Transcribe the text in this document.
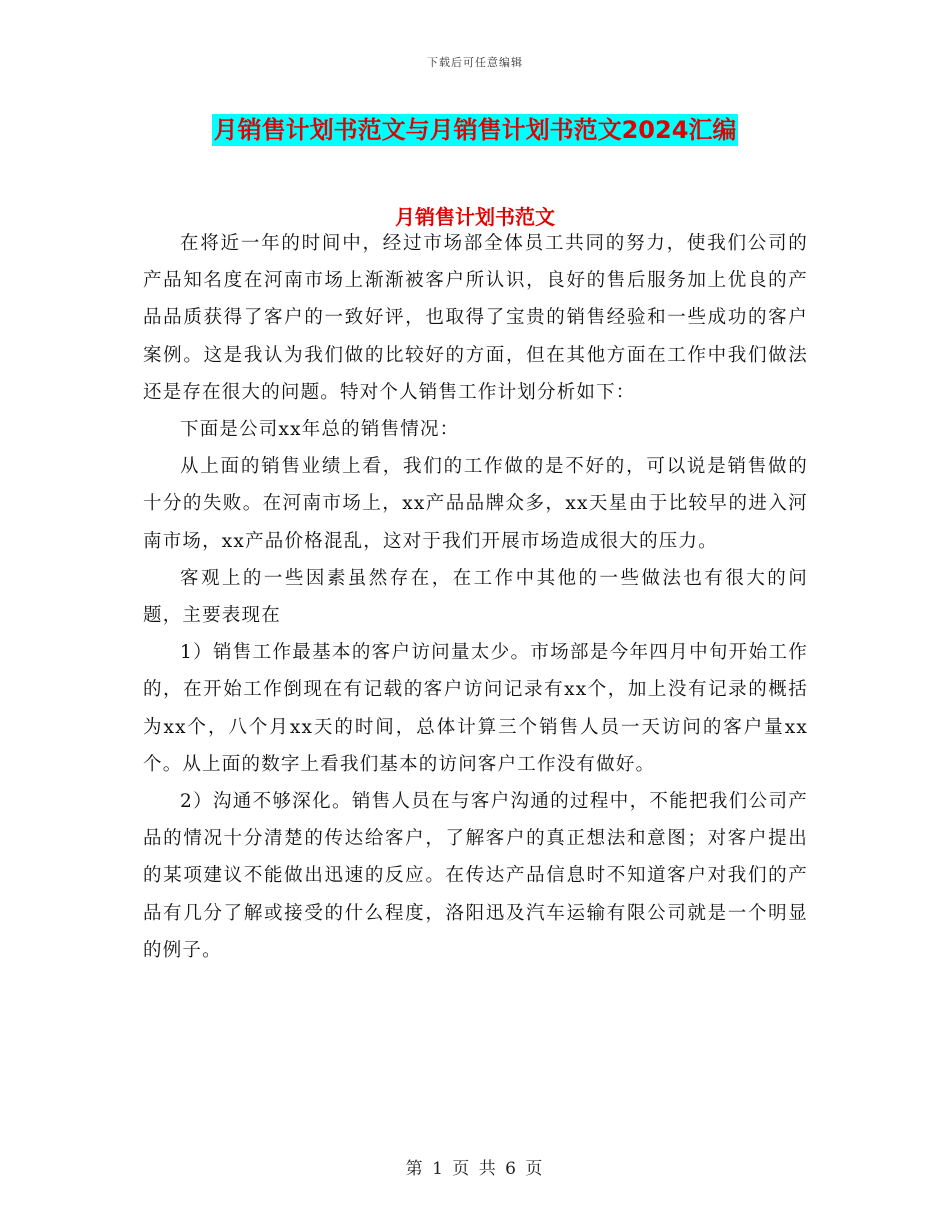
下载后可任意编辑
月销售计划书范文与月销售计划书范文2024汇编
月销售计划书范文

在将近一年的时间中，经过市场部全体员工共同的努力，使我们公司的产品知名度在河南市场上渐渐被客户所认识，良好的售后服务加上优良的产品品质获得了客户的一致好评，也取得了宝贵的销售经验和一些成功的客户案例。这是我认为我们做的比较好的方面，但在其他方面在工作中我们做法还是存在很大的问题。特对个人销售工作计划分析如下：

下面是公司xx年总的销售情况：

从上面的销售业绩上看，我们的工作做的是不好的，可以说是销售做的十分的失败。在河南市场上，xx产品品牌众多，xx天星由于比较早的进入河南市场，xx产品价格混乱，这对于我们开展市场造成很大的压力。

客观上的一些因素虽然存在，在工作中其他的一些做法也有很大的问题，主要表现在

1）销售工作最基本的客户访问量太少。市场部是今年四月中旬开始工作的，在开始工作倒现在有记载的客户访问记录有xx个，加上没有记录的概括为xx个，八个月xx天的时间，总体计算三个销售人员一天访问的客户量xx个。从上面的数字上看我们基本的访问客户工作没有做好。

2）沟通不够深化。销售人员在与客户沟通的过程中，不能把我们公司产品的情况十分清楚的传达给客户，了解客户的真正想法和意图；对客户提出的某项建议不能做出迅速的反应。在传达产品信息时不知道客户对我们的产品有几分了解或接受的什么程度，洛阳迅及汽车运输有限公司就是一个明显的例子。

第 1 页 共 6 页
